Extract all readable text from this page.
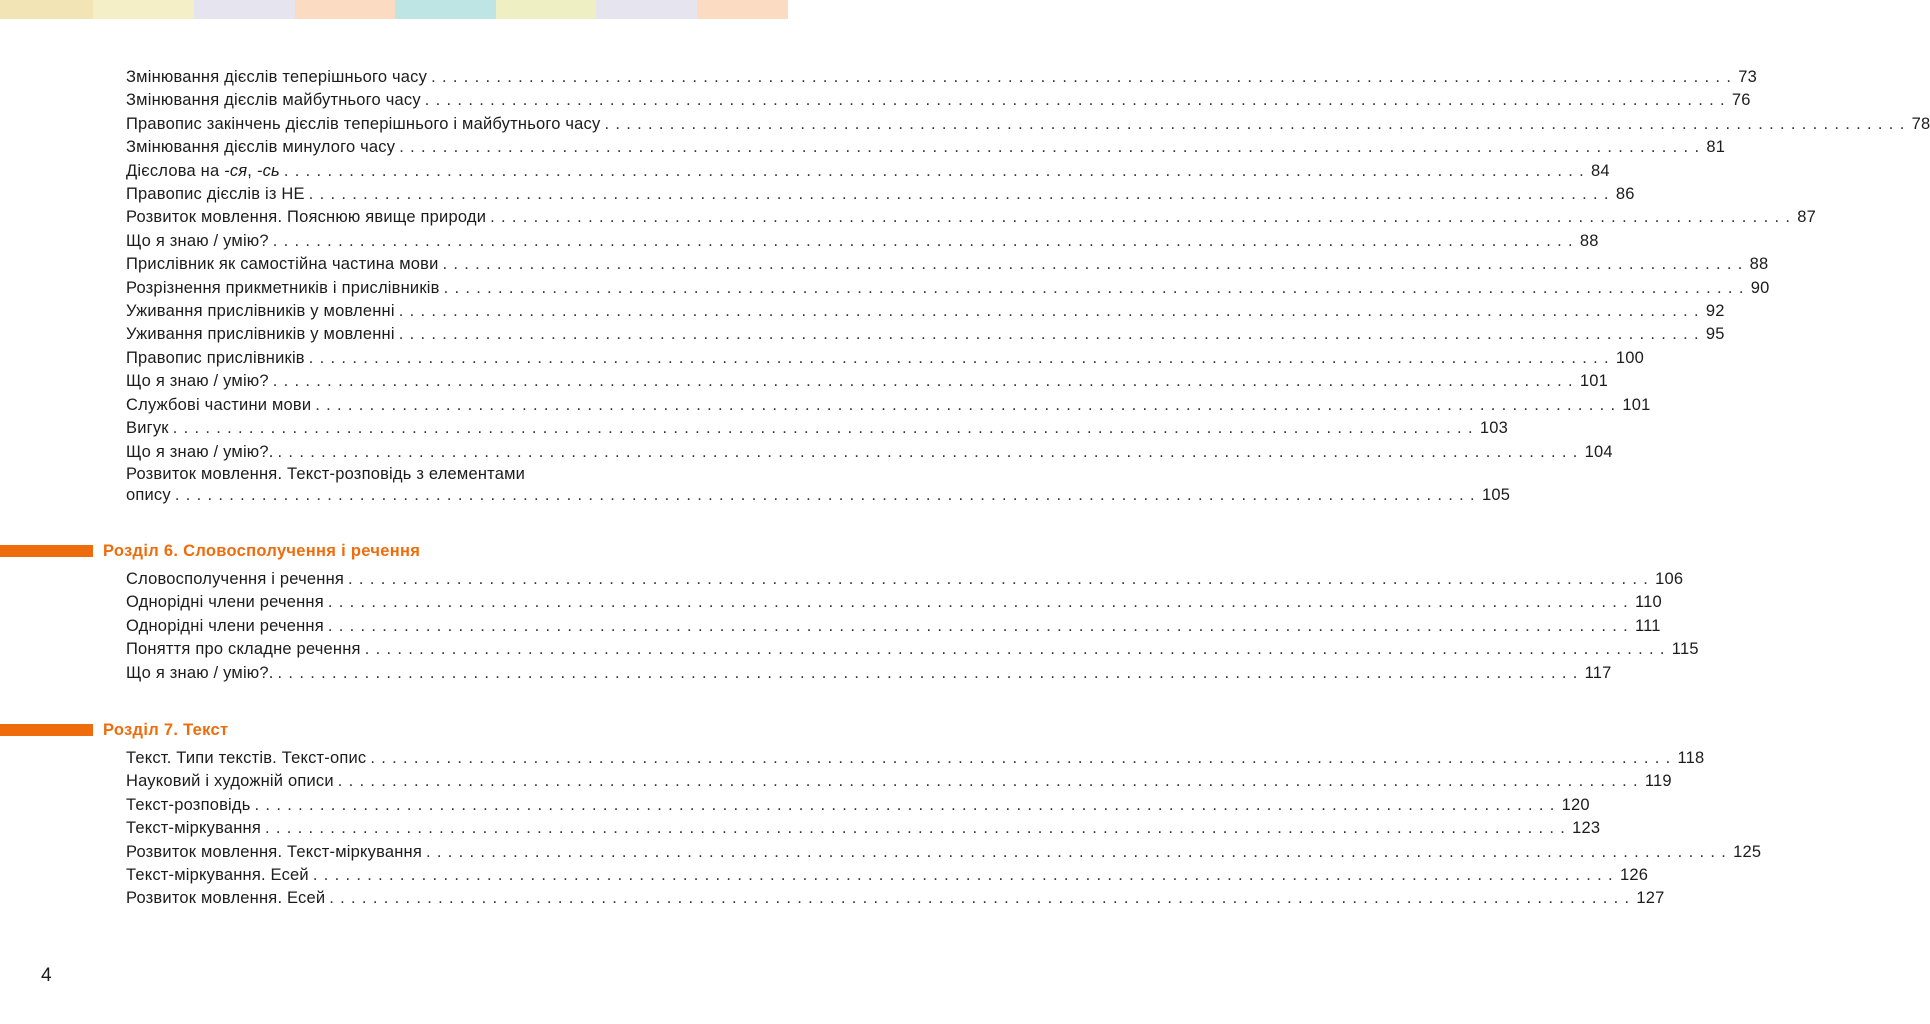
Змінювання дієслів теперішнього часу ........................................................................................................................ 73
Змінювання дієслів майбутнього часу ........................................................................................................................ 76
Правопис закінчень дієслів теперішнього і майбутнього часу ........................................................................................................................ 78
Змінювання дієслів минулого часу ........................................................................................................................ 81
Дієслова на -ся, -сь ........................................................................................................................ 84
Правопис дієслів із НЕ ........................................................................................................................ 86
Розвиток мовлення. Пояснюю явище природи ........................................................................................................................ 87
Що я знаю / умію? ........................................................................................................................ 88
Прислівник як самостійна частина мови ........................................................................................................................ 88
Розрізнення прикметників і прислівників ........................................................................................................................ 90
Уживання прислівників у мовленні ........................................................................................................................ 92
Уживання прислівників у мовленні ........................................................................................................................ 95
Правопис прислівників ........................................................................................................................ 100
Що я знаю / умію? ........................................................................................................................ 101
Службові частини мови ........................................................................................................................ 101
Вигук ........................................................................................................................ 103
Що я знаю / умію?. ........................................................................................................................ 104
Розвиток мовлення. Текст-розповідь з елементами
опису ........................................................................................................................ 105
Розділ 6. Словосполучення і речення
Словосполучення і речення ........................................................................................................................ 106
Однорідні члени речення ........................................................................................................................ 110
Однорідні члени речення ........................................................................................................................ 111
Поняття про складне речення ........................................................................................................................ 115
Що я знаю / умію?. ........................................................................................................................ 117
Розділ 7. Текст
Текст. Типи текстів. Текст-опис ........................................................................................................................ 118
Науковий і художній описи ........................................................................................................................ 119
Текст-розповідь ........................................................................................................................ 120
Текст-міркування ........................................................................................................................ 123
Розвиток мовлення. Текст-міркування ........................................................................................................................ 125
Текст-міркування. Есей ........................................................................................................................ 126
Розвиток мовлення. Есей ........................................................................................................................ 127
4
